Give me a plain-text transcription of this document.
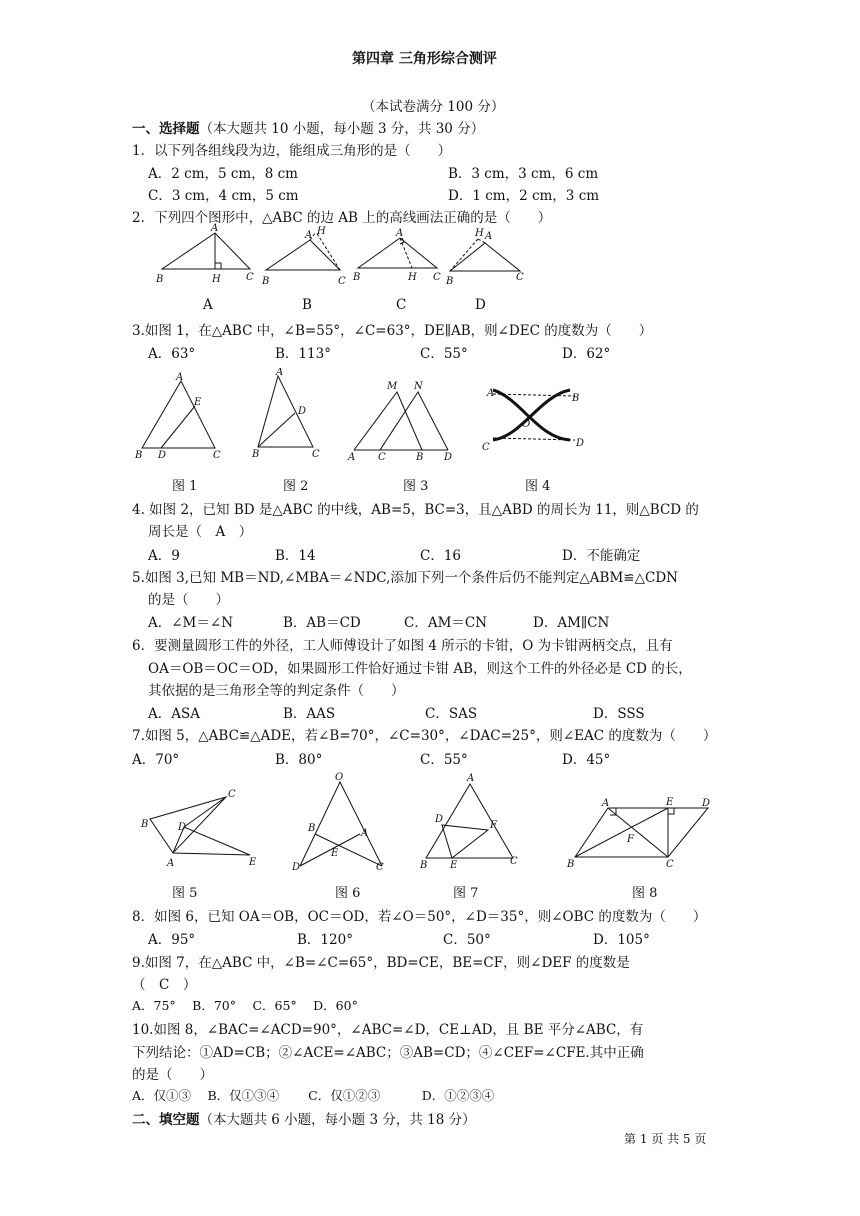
第四章 三角形综合测评
（本试卷满分 100 分）
一、选择题（本大题共 10 小题，每小题 3 分，共 30 分）
1．以下列各组线段为边，能组成三角形的是（　　）
A．2 cm，5 cm，8 cm	B．3 cm，3 cm，6 cm
C．3 cm，4 cm，5 cm	D．1 cm，2 cm，3 cm
2．下列四个图形中，△ABC 的边 AB 上的高线画法正确的是（　　）
A
B	H	C
A H
B	C
A
B	H C
H A
B	C
A	B	C	D
3.如图 1，在△ABC 中，∠B=55°，∠C=63°，DE∥AB，则∠DEC 的度数为（　　）
A．63°	B．113°	C．55°	D．62°
A
E
B D	C
A
D
B	C
M N
A C	B D
A	B
C
O
D
图 1	图 2	图 3	图 4
4. 如图 2，已知 BD 是△ABC 的中线，AB=5，BC=3，且△ABD 的周长为 11，则△BCD 的
周长是（　A　）
A．9	B．14	C．16	D．不能确定
5.如图 3,已知 MB＝ND,∠MBA＝∠NDC,添加下列一个条件后仍不能判定△ABM≌△CDN
的是（　　）
A．∠M＝∠N	B．AB＝CD	C．AM＝CN	D．AM∥CN
6．要测量圆形工件的外径，工人师傅设计了如图 4 所示的卡钳，O 为卡钳两柄交点，且有
OA＝OB＝OC＝OD，如果圆形工件恰好通过卡钳 AB，则这个工件的外径必是 CD 的长，
其依据的是三角形全等的判定条件（　　）
A．ASA	B．AAS	C．SAS	D．SSS
7.如图 5，△ABC≌△ADE，若∠B=70°，∠C=30°，∠DAC=25°，则∠EAC 的度数为（　　）
A．70°	B．80°	C．55°	D．45°
C
B	D
A	E
O
B	A
E
D	C
A
D
F
E
B	C
A	E	D
F
B	C
图 5	图 6	图 7	图 8
8．如图 6，已知 OA＝OB，OC＝OD，若∠O＝50°，∠D＝35°，则∠OBC 的度数为（　　）
A．95°	B．120°	C．50°	D．105°
9.如图 7，在△ABC 中，∠B=∠C=65°，BD=CE，BE=CF，则∠DEF 的度数是
（　C　）
A．75°　 B．70°　 C．65°　 D．60°
10.如图 8，∠BAC=∠ACD=90°，∠ABC=∠D，CE⊥AD，且 BE 平分∠ABC，有
下列结论：①AD=CB；②∠ACE=∠ABC；③AB=CD；④∠CEF=∠CFE.其中正确
的是（　　）
A．仅①③　 B．仅①③④　　 C．仅①②③　　　 D．①②③④
二、填空题（本大题共 6 小题，每小题 3 分，共 18 分）
第 1 页 共 5 页
